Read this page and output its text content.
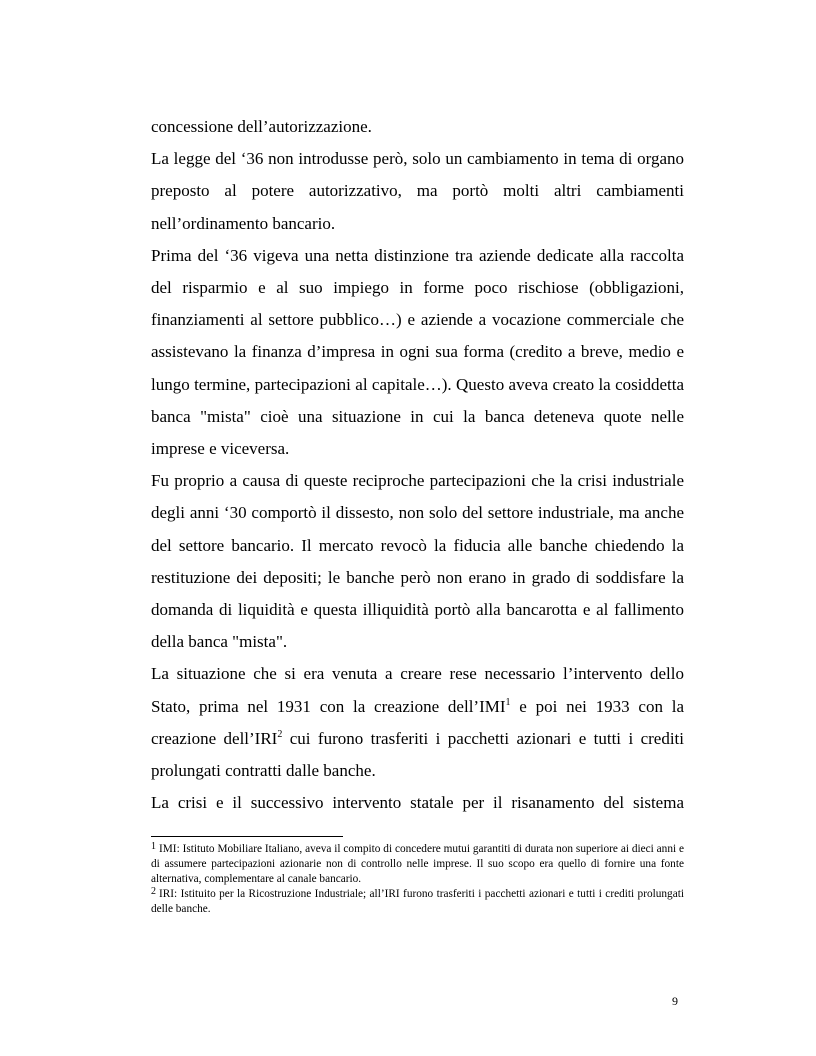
concessione dell’autorizzazione.

La legge del ‘36 non introdusse però, solo un cambiamento in tema di organo preposto al potere autorizzativo, ma portò molti altri cambiamenti nell’ordinamento bancario.

Prima del ‘36 vigeva una netta distinzione tra aziende dedicate alla raccolta del risparmio e al suo impiego in forme poco rischiose (obbligazioni, finanziamenti al settore pubblico…) e aziende a vocazione commerciale che assistevano la finanza d’impresa in ogni sua forma (credito a breve, medio e lungo termine, partecipazioni al capitale…). Questo aveva creato la cosiddetta banca "mista" cioè una situazione in cui la banca deteneva quote nelle imprese e viceversa.

Fu proprio a causa di queste reciproche partecipazioni che la crisi industriale degli anni ‘30 comportò il dissesto, non solo del settore industriale, ma anche del settore bancario. Il mercato revocò la fiducia alle banche chiedendo la restituzione dei depositi; le banche però non erano in grado di soddisfare la domanda di liquidità e questa illiquidità portò alla bancarotta e al fallimento della banca "mista".

La situazione che si era venuta a creare rese necessario l’intervento dello Stato, prima nel 1931 con la creazione dell’IMI$^1$ e poi nei 1933 con la creazione dell’IRI$^2$ cui furono trasferiti i pacchetti azionari e tutti i crediti prolungati contratti dalle banche.

La crisi e il successivo intervento statale per il risanamento del sistema

1 IMI: Istituto Mobiliare Italiano, aveva il compito di concedere mutui garantiti di durata non superiore ai dieci anni e di assumere partecipazioni azionarie non di controllo nelle imprese. Il suo scopo era quello di fornire una fonte alternativa, complementare al canale bancario.

2 IRI: Istituito per la Ricostruzione Industriale; all’IRI furono trasferiti i pacchetti azionari e tutti i crediti prolungati delle banche.

9
